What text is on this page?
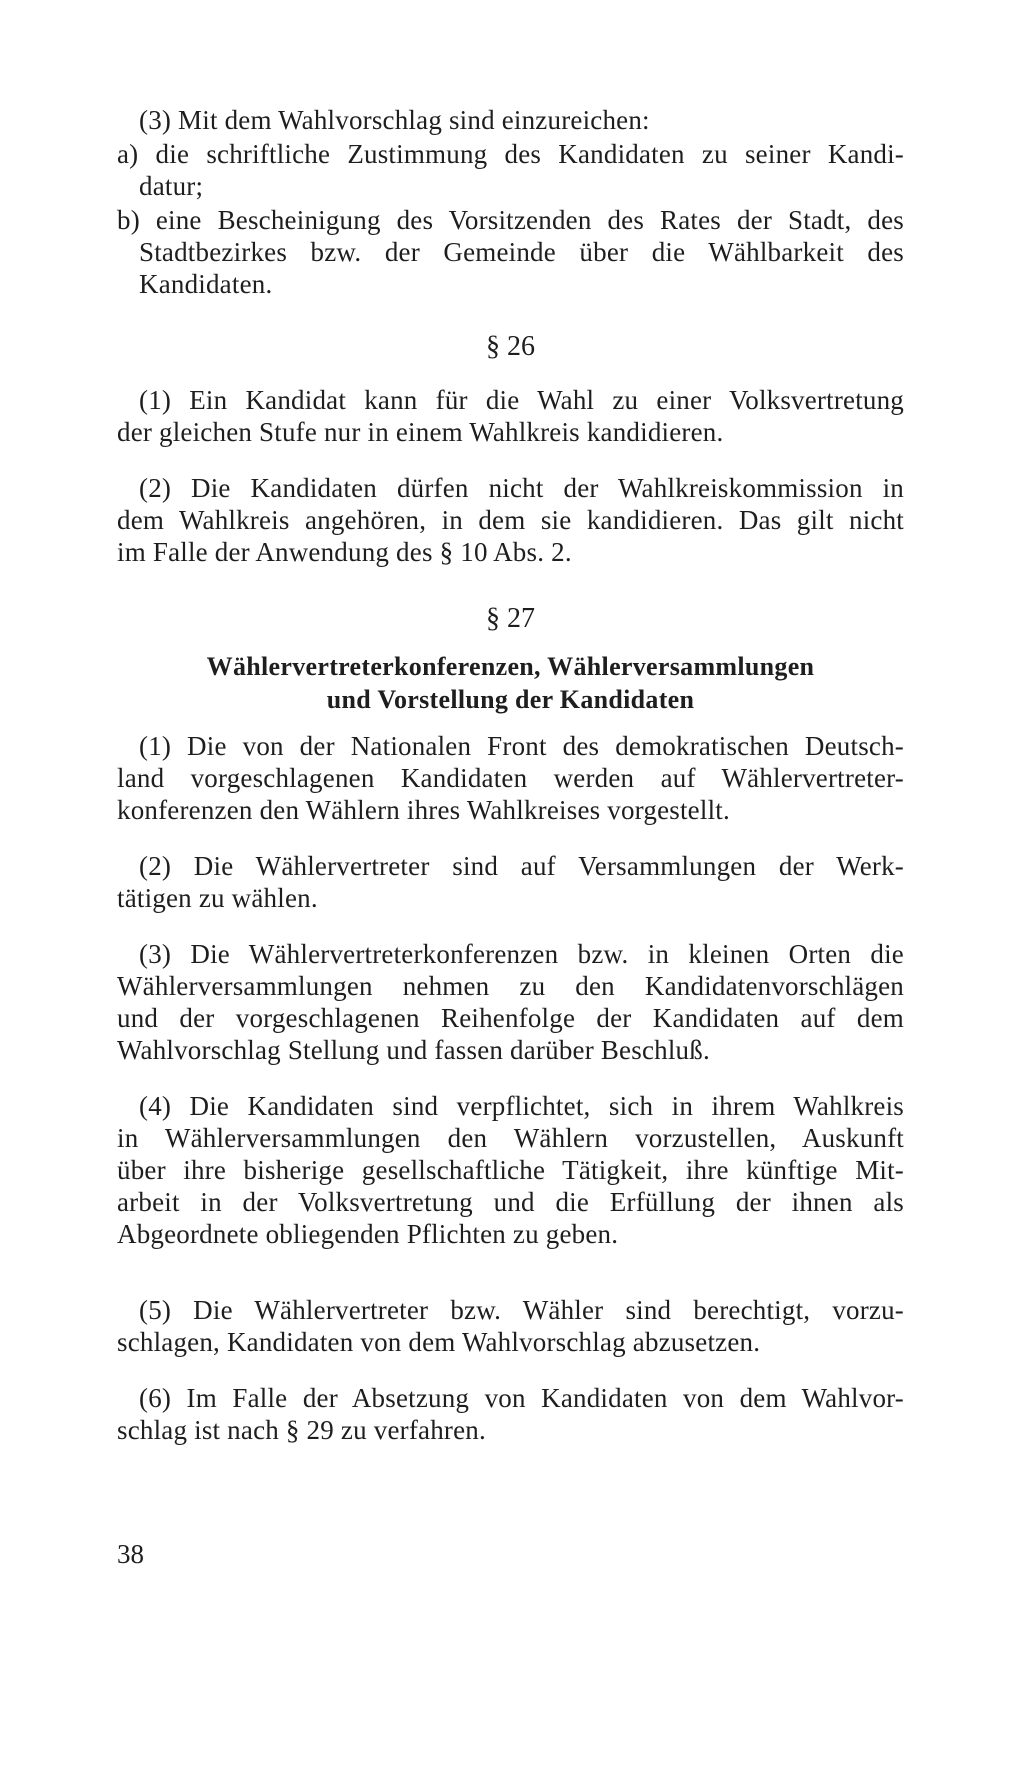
(3) Mit dem Wahlvorschlag sind einzureichen:
a) die schriftliche Zustimmung des Kandidaten zu seiner Kandi-
datur;
b) eine Bescheinigung des Vorsitzenden des Rates der Stadt, des
Stadtbezirkes bzw. der Gemeinde über die Wählbarkeit des
Kandidaten.
§ 26
(1) Ein Kandidat kann für die Wahl zu einer Volksvertretung
der gleichen Stufe nur in einem Wahlkreis kandidieren.
(2) Die Kandidaten dürfen nicht der Wahlkreiskommission in
dem Wahlkreis angehören, in dem sie kandidieren. Das gilt nicht
im Falle der Anwendung des § 10 Abs. 2.
§ 27
Wählervertreterkonferenzen, Wählerversammlungen
und Vorstellung der Kandidaten
(1) Die von der Nationalen Front des demokratischen Deutsch-
land vorgeschlagenen Kandidaten werden auf Wählervertreter-
konferenzen den Wählern ihres Wahlkreises vorgestellt.
(2) Die Wählervertreter sind auf Versammlungen der Werk-
tätigen zu wählen.
(3) Die Wählervertreterkonferenzen bzw. in kleinen Orten die
Wählerversammlungen nehmen zu den Kandidatenvorschlägen
und der vorgeschlagenen Reihenfolge der Kandidaten auf dem
Wahlvorschlag Stellung und fassen darüber Beschluß.
(4) Die Kandidaten sind verpflichtet, sich in ihrem Wahlkreis
in Wählerversammlungen den Wählern vorzustellen, Auskunft
über ihre bisherige gesellschaftliche Tätigkeit, ihre künftige Mit-
arbeit in der Volksvertretung und die Erfüllung der ihnen als
Abgeordnete obliegenden Pflichten zu geben.
(5) Die Wählervertreter bzw. Wähler sind berechtigt, vorzu-
schlagen, Kandidaten von dem Wahlvorschlag abzusetzen.
(6) Im Falle der Absetzung von Kandidaten von dem Wahlvor-
schlag ist nach § 29 zu verfahren.
38
